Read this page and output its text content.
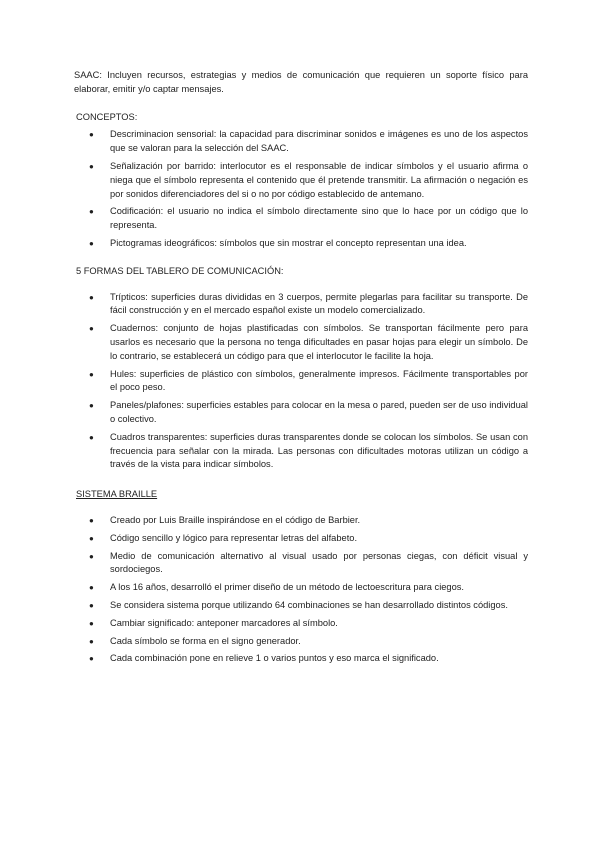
SAAC: Incluyen recursos, estrategias y medios de comunicación que requieren un soporte físico para elaborar, emitir y/o captar mensajes.

CONCEPTOS:

● Descriminacion sensorial: la capacidad para discriminar sonidos e imágenes es uno de los aspectos que se valoran para la selección del SAAC.
● Señalización por barrido: interlocutor es el responsable de indicar símbolos y el usuario afirma o niega que el símbolo representa el contenido que él pretende transmitir. La afirmación o negación es por sonidos diferenciadores del si o no por código establecido de antemano.
● Codificación: el usuario no indica el símbolo directamente sino que lo hace por un código que lo representa.
● Pictogramas ideográficos: símbolos que sin mostrar el concepto representan una idea.

5 FORMAS DEL TABLERO DE COMUNICACIÓN:

● Trípticos: superficies duras divididas en 3 cuerpos, permite plegarlas para facilitar su transporte. De fácil construcción y en el mercado español existe un modelo comercializado.
● Cuadernos: conjunto de hojas plastificadas con símbolos. Se transportan fácilmente pero para usarlos es necesario que la persona no tenga dificultades en pasar hojas para elegir un símbolo. De lo contrario, se establecerá un código para que el interlocutor le facilite la hoja.
● Hules: superficies de plástico con símbolos, generalmente impresos. Fácilmente transportables por el poco peso.
● Paneles/plafones: superficies estables para colocar en la mesa o pared, pueden ser de uso individual o colectivo.
● Cuadros transparentes: superficies duras transparentes donde se colocan los símbolos. Se usan con frecuencia para señalar con la mirada. Las personas con dificultades motoras utilizan un código a través de la vista para indicar símbolos.

SISTEMA BRAILLE

● Creado por Luis Braille inspirándose en el código de Barbier.
● Código sencillo y lógico para representar letras del alfabeto.
● Medio de comunicación alternativo al visual usado por personas ciegas, con déficit visual y sordociegos.
● A los 16 años, desarrolló el primer diseño de un método de lectoescritura para ciegos.
● Se considera sistema porque utilizando 64 combinaciones se han desarrollado distintos códigos.
● Cambiar significado: anteponer marcadores al símbolo.
● Cada símbolo se forma en el signo generador.
● Cada combinación pone en relieve 1 o varios puntos y eso marca el significado.
